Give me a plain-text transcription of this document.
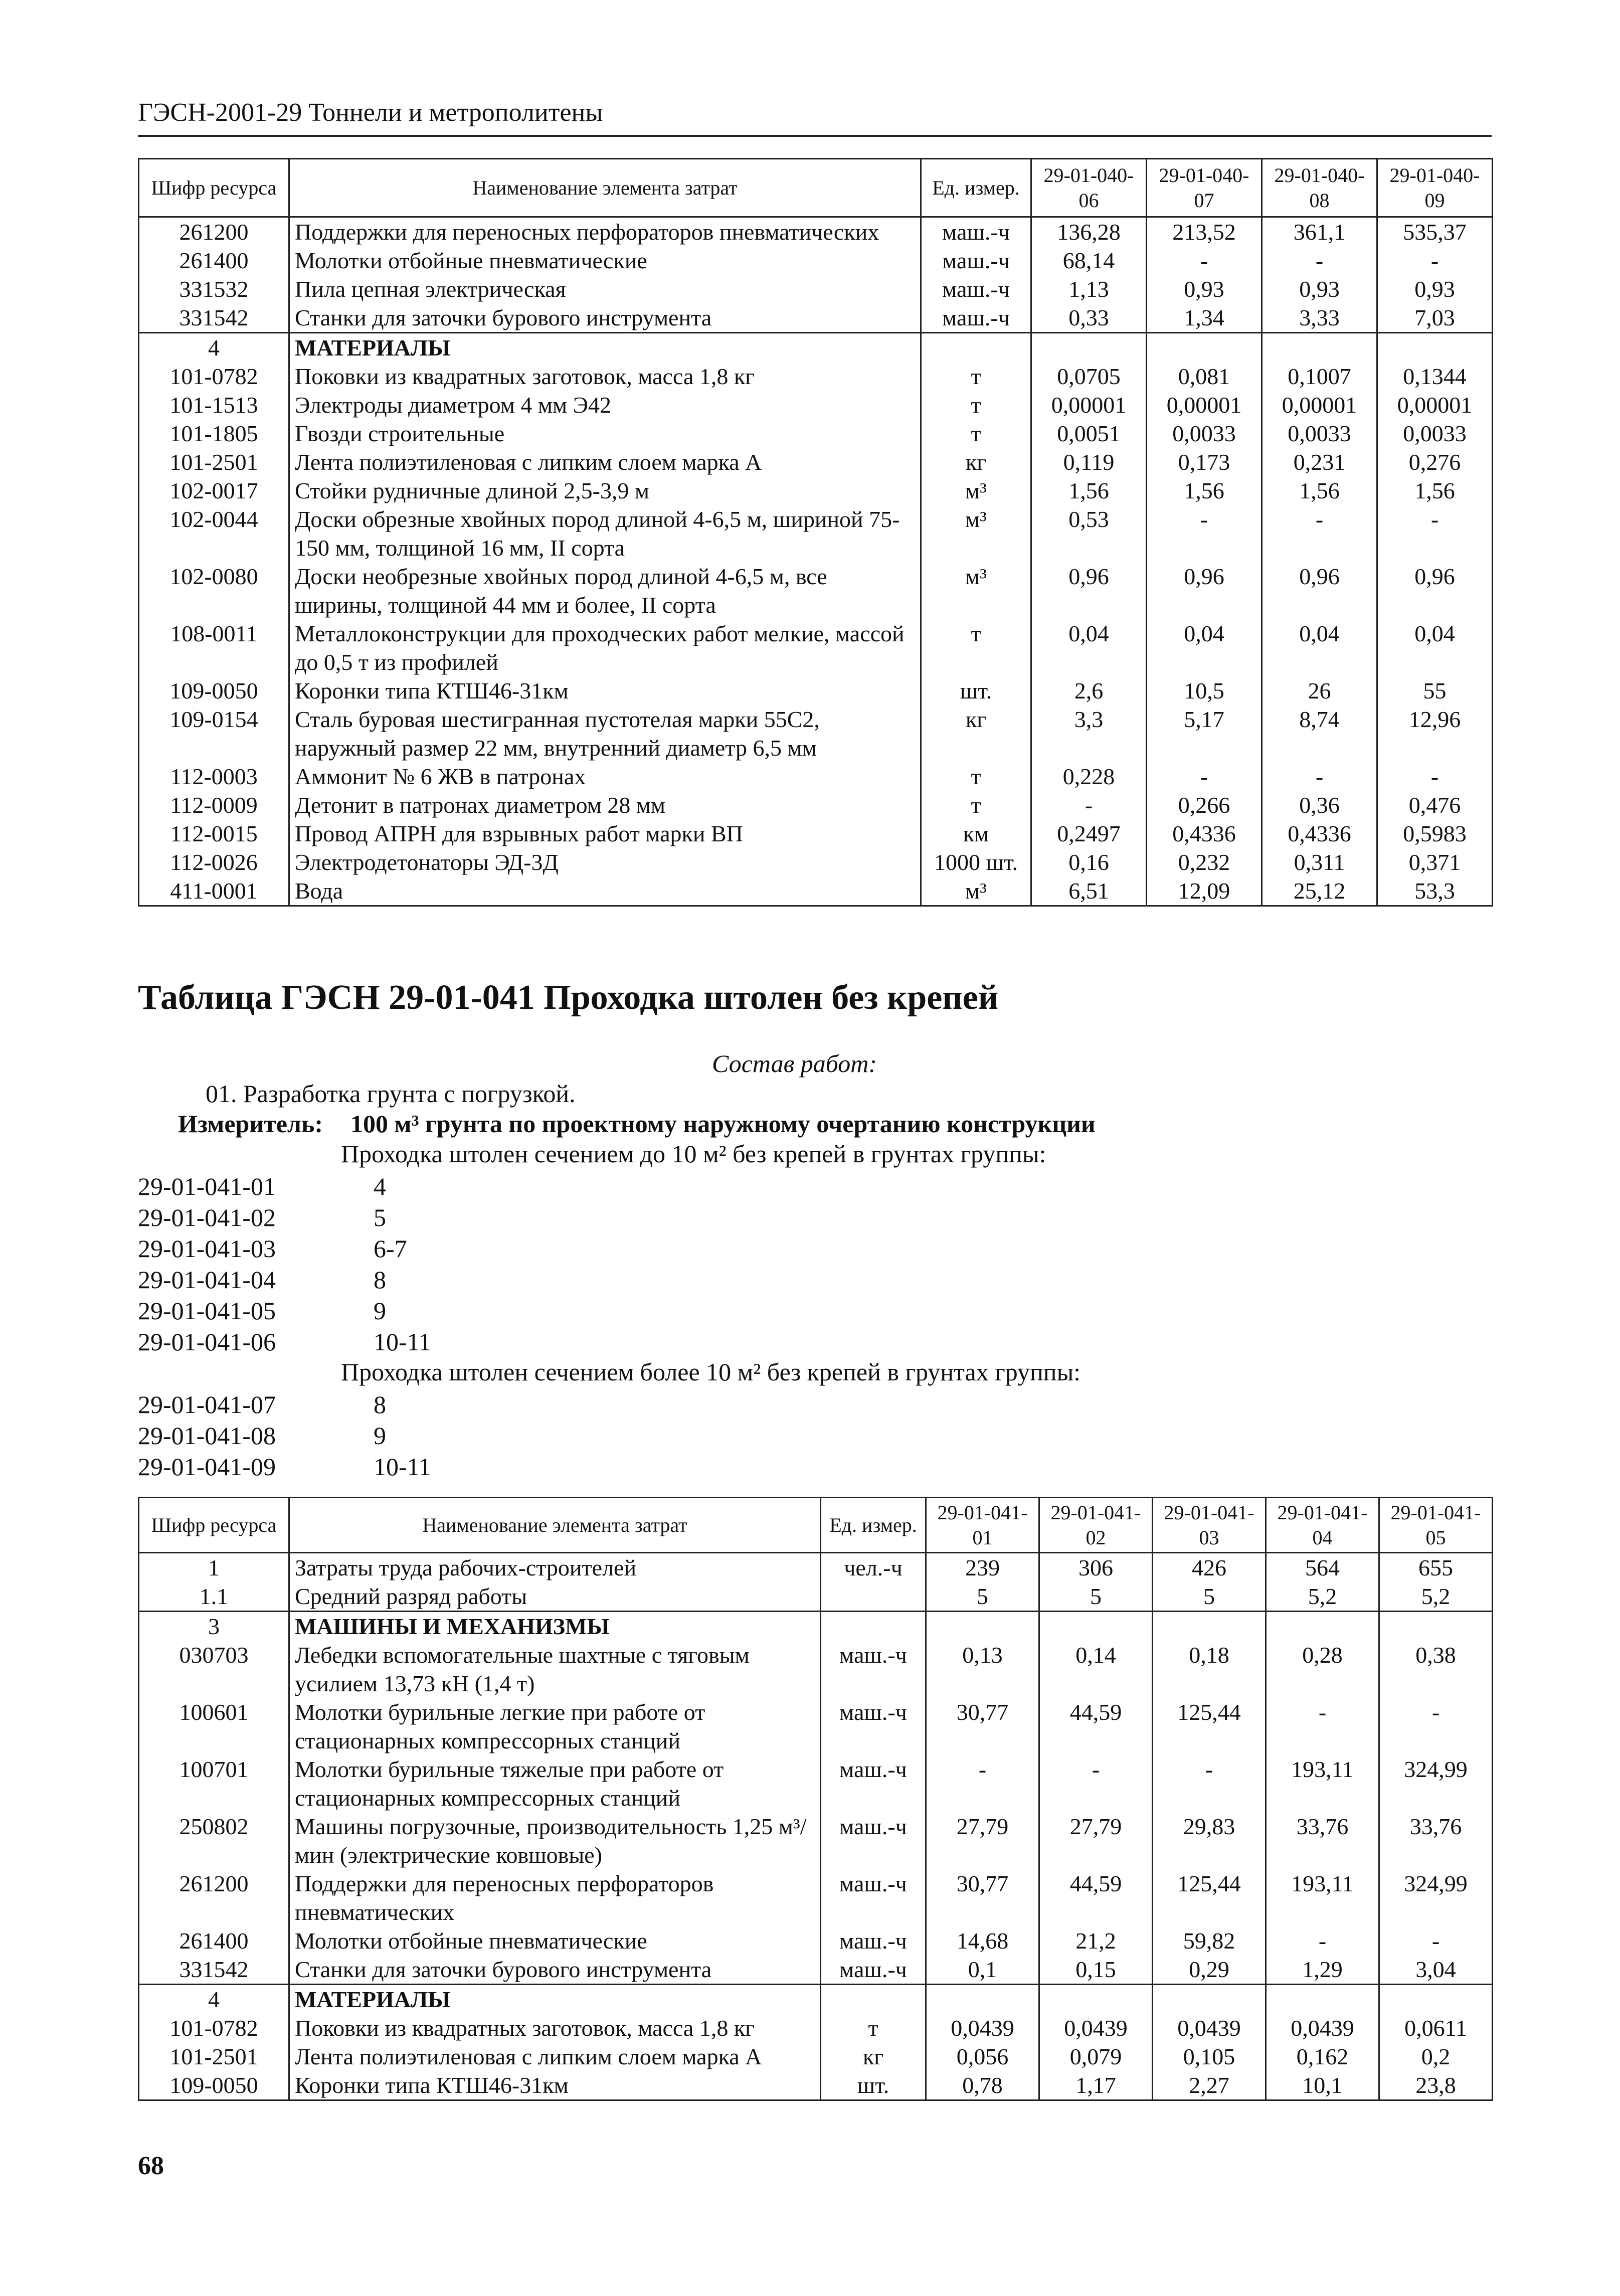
ГЭСН-2001-29 Тоннели и метрополитены
Шифр ресурса	Наименование элемента затрат	Ед. измер.	29-01-040-06	29-01-040-07	29-01-040-08	29-01-040-09
261200	Поддержки для переносных перфораторов пневматических	маш.-ч	136,28	213,52	361,1	535,37
261400	Молотки отбойные пневматические	маш.-ч	68,14	-	-	-
331532	Пила цепная электрическая	маш.-ч	1,13	0,93	0,93	0,93
331542	Станки для заточки бурового инструмента	маш.-ч	0,33	1,34	3,33	7,03
4	МАТЕРИАЛЫ					
101-0782	Поковки из квадратных заготовок, масса 1,8 кг	т	0,0705	0,081	0,1007	0,1344
101-1513	Электроды диаметром 4 мм Э42	т	0,00001	0,00001	0,00001	0,00001
101-1805	Гвозди строительные	т	0,0051	0,0033	0,0033	0,0033
101-2501	Лента полиэтиленовая с липким слоем марка А	кг	0,119	0,173	0,231	0,276
102-0017	Стойки рудничные длиной 2,5-3,9 м	м³	1,56	1,56	1,56	1,56
102-0044	Доски обрезные хвойных пород длиной 4-6,5 м, шириной 75-150 мм, толщиной 16 мм, II сорта	м³	0,53	-	-	-
102-0080	Доски необрезные хвойных пород длиной 4-6,5 м, все ширины, толщиной 44 мм и более, II сорта	м³	0,96	0,96	0,96	0,96
108-0011	Металлоконструкции для проходческих работ мелкие, массой до 0,5 т из профилей	т	0,04	0,04	0,04	0,04
109-0050	Коронки типа КТШ46-31км	шт.	2,6	10,5	26	55
109-0154	Сталь буровая шестигранная пустотелая марки 55С2, наружный размер 22 мм, внутренний диаметр 6,5 мм	кг	3,3	5,17	8,74	12,96
112-0003	Аммонит № 6 ЖВ в патронах	т	0,228	-	-	-
112-0009	Детонит в патронах диаметром 28 мм	т	-	0,266	0,36	0,476
112-0015	Провод АПРН для взрывных работ марки ВП	км	0,2497	0,4336	0,4336	0,5983
112-0026	Электродетонаторы ЭД-3Д	1000 шт.	0,16	0,232	0,311	0,371
411-0001	Вода	м³	6,51	12,09	25,12	53,3
Таблица ГЭСН 29-01-041 Проходка штолен без крепей
Состав работ:
01. Разработка грунта с погрузкой.
Измеритель: 100 м³ грунта по проектному наружному очертанию конструкции
Проходка штолен сечением до 10 м² без крепей в грунтах группы:
29-01-041-01	4
29-01-041-02	5
29-01-041-03	6-7
29-01-041-04	8
29-01-041-05	9
29-01-041-06	10-11
Проходка штолен сечением более 10 м² без крепей в грунтах группы:
29-01-041-07	8
29-01-041-08	9
29-01-041-09	10-11
Шифр ресурса	Наименование элемента затрат	Ед. измер.	29-01-041-01	29-01-041-02	29-01-041-03	29-01-041-04	29-01-041-05
1	Затраты труда рабочих-строителей	чел.-ч	239	306	426	564	655
1.1	Средний разряд работы		5	5	5	5,2	5,2
3	МАШИНЫ И МЕХАНИЗМЫ						
030703	Лебедки вспомогательные шахтные с тяговым усилием 13,73 кН (1,4 т)	маш.-ч	0,13	0,14	0,18	0,28	0,38
100601	Молотки бурильные легкие при работе от стационарных компрессорных станций	маш.-ч	30,77	44,59	125,44	-	-
100701	Молотки бурильные тяжелые при работе от стационарных компрессорных станций	маш.-ч	-	-	-	193,11	324,99
250802	Машины погрузочные, производительность 1,25 м³/мин (электрические ковшовые)	маш.-ч	27,79	27,79	29,83	33,76	33,76
261200	Поддержки для переносных перфораторов пневматических	маш.-ч	30,77	44,59	125,44	193,11	324,99
261400	Молотки отбойные пневматические	маш.-ч	14,68	21,2	59,82	-	-
331542	Станки для заточки бурового инструмента	маш.-ч	0,1	0,15	0,29	1,29	3,04
4	МАТЕРИАЛЫ						
101-0782	Поковки из квадратных заготовок, масса 1,8 кг	т	0,0439	0,0439	0,0439	0,0439	0,0611
101-2501	Лента полиэтиленовая с липким слоем марка А	кг	0,056	0,079	0,105	0,162	0,2
109-0050	Коронки типа КТШ46-31км	шт.	0,78	1,17	2,27	10,1	23,8
68
